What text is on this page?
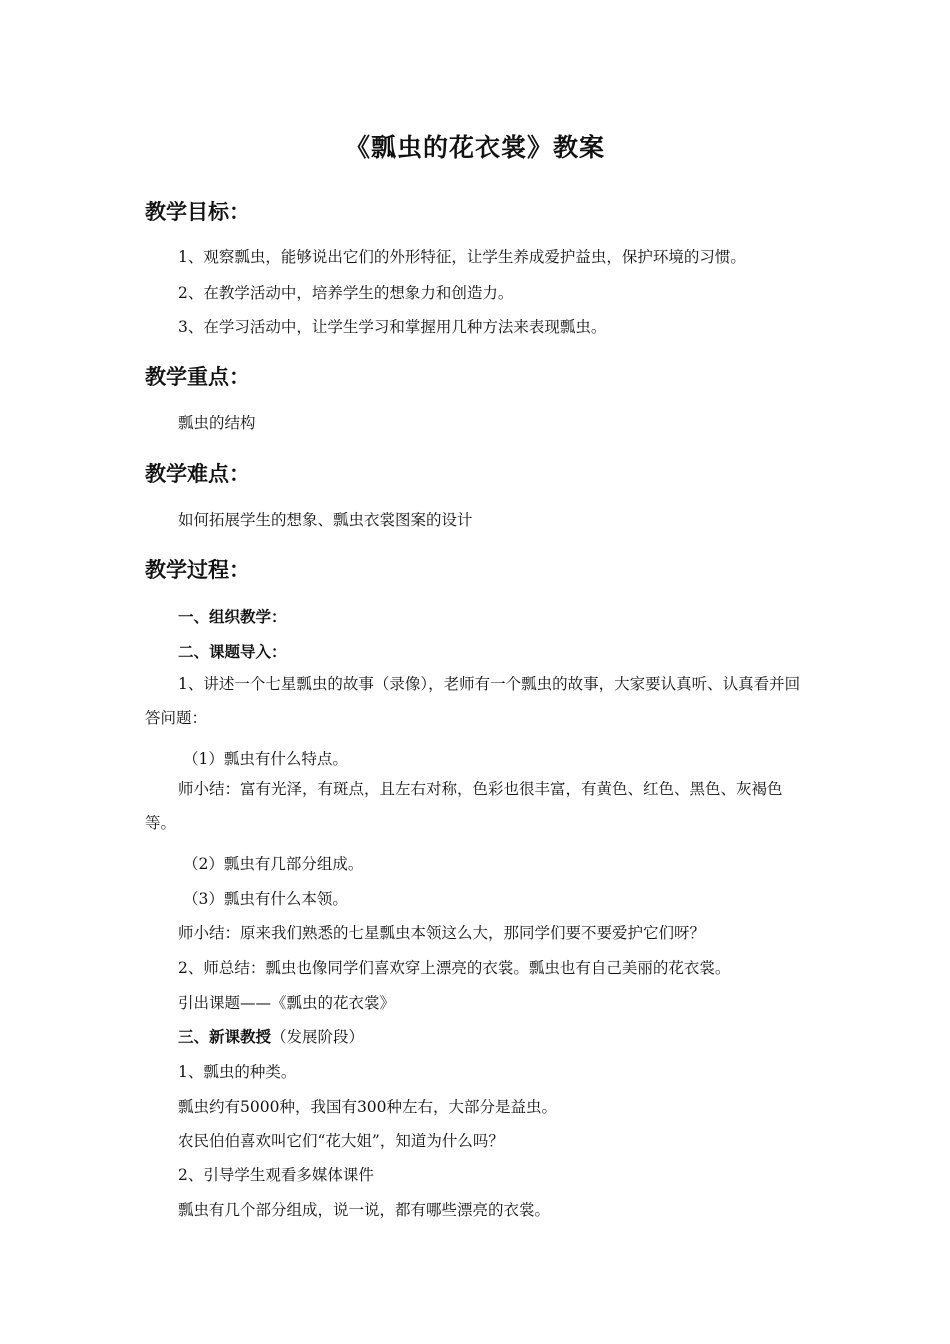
《瓢虫的花衣裳》教案
教学目标：
1、观察瓢虫，能够说出它们的外形特征，让学生养成爱护益虫，保护环境的习惯。
2、在教学活动中，培养学生的想象力和创造力。
3、在学习活动中，让学生学习和掌握用几种方法来表现瓢虫。
教学重点：
瓢虫的结构
教学难点：
如何拓展学生的想象、瓢虫衣裳图案的设计
教学过程：
一、组织教学：
二、课题导入：
1、讲述一个七星瓢虫的故事（录像），老师有一个瓢虫的故事，大家要认真听、认真看并回答问题：
（1）瓢虫有什么特点。
师小结：富有光泽，有斑点，且左右对称，色彩也很丰富，有黄色、红色、黑色、灰褐色等。
（2）瓢虫有几部分组成。
（3）瓢虫有什么本领。
师小结：原来我们熟悉的七星瓢虫本领这么大，那同学们要不要爱护它们呀？
2、师总结：瓢虫也像同学们喜欢穿上漂亮的衣裳。瓢虫也有自己美丽的花衣裳。
引出课题——《瓢虫的花衣裳》
三、新课教授（发展阶段）
1、瓢虫的种类。
瓢虫约有5000种，我国有300种左右，大部分是益虫。
农民伯伯喜欢叫它们“花大姐”，知道为什么吗？
2、引导学生观看多媒体课件
瓢虫有几个部分组成，说一说，都有哪些漂亮的衣裳。
